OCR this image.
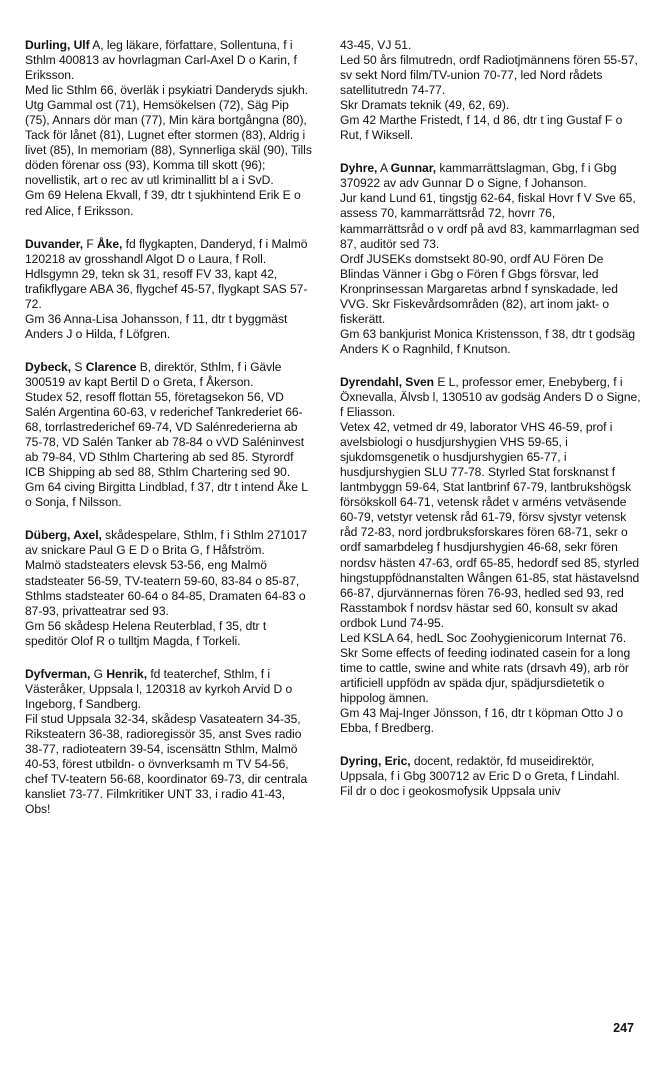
Durling, Ulf A, leg läkare, författare, Sollentuna, f i Sthlm 400813 av hovrlagman Carl-Axel D o Karin, f Eriksson.

Med lic Sthlm 66, överläk i psykiatri Danderyds sjukh.

Utg Gammal ost (71), Hemsökelsen (72), Säg Pip (75), Annars dör man (77), Min kära bortgångna (80), Tack för lånet (81), Lugnet efter stormen (83), Aldrig i livet (85), In memoriam (88), Synnerliga skäl (90), Tills döden förenar oss (93), Komma till skott (96); novellistik, art o rec av utl kriminallitt bl a i SvD.

Gm 69 Helena Ekvall, f 39, dtr t sjukhintend Erik E o red Alice, f Eriksson.

Duvander, F Åke, fd flygkapten, Danderyd, f i Malmö 120218 av grosshandl Algot D o Laura, f Roll.

Hdlsgymn 29, tekn sk 31, resoff FV 33, kapt 42, trafikflygare ABA 36, flygchef 45-57, flygkapt SAS 57-72.

Gm 36 Anna-Lisa Johansson, f 11, dtr t byggmäst Anders J o Hilda, f Löfgren.

Dybeck, S Clarence B, direktör, Sthlm, f i Gävle 300519 av kapt Bertil D o Greta, f Åkerson.

Studex 52, resoff flottan 55, företagsekon 56, VD Salén Argentina 60-63, v rederichef Tankrederiet 66-68, torrlastrederichef 69-74, VD Salénrederierna ab 75-78, VD Salén Tanker ab 78-84 o vVD Saléninvest ab 79-84, VD Sthlm Chartering ab sed 85. Styrordf ICB Shipping ab sed 88, Sthlm Chartering sed 90.

Gm 64 civing Birgitta Lindblad, f 37, dtr t intend Åke L o Sonja, f Nilsson.

Düberg, Axel, skådespelare, Sthlm, f i Sthlm 271017 av snickare Paul G E D o Brita G, f Håfström.

Malmö stadsteaters elevsk 53-56, eng Malmö stadsteater 56-59, TV-teatern 59-60, 83-84 o 85-87, Sthlms stadsteater 60-64 o 84-85, Dramaten 64-83 o 87-93, privatteatrar sed 93.

Gm 56 skådesp Helena Reuterblad, f 35, dtr t speditör Olof R o tulltjm Magda, f Torkeli.

Dyfverman, G Henrik, fd teaterchef, Sthlm, f i Västeråker, Uppsala l, 120318 av kyrkoh Arvid D o Ingeborg, f Sandberg.

Fil stud Uppsala 32-34, skådesp Vasateatern 34-35, Riksteatern 36-38, radioregissör 35, anst Sves radio 38-77, radioteatern 39-54, iscensättn Sthlm, Malmö 40-53, förest utbildn- o övnverksamh m TV 54-56, chef TV-teatern 56-68, koordinator 69-73, dir centrala kansliet 73-77. Filmkritiker UNT 33, i radio 41-43, Obs!

43-45, VJ 51.

Led 50 års filmutredn, ordf Radiotjmännens fören 55-57, sv sekt Nord film/TV-union 70-77, led Nord rådets satellitutredn 74-77.

Skr Dramats teknik (49, 62, 69).

Gm 42 Marthe Fristedt, f 14, d 86, dtr t ing Gustaf F o Rut, f Wiksell.

Dyhre, A Gunnar, kammarrättslagman, Gbg, f i Gbg 370922 av adv Gunnar D o Signe, f Johanson.

Jur kand Lund 61, tingstjg 62-64, fiskal Hovr f V Sve 65, assess 70, kammarrättsråd 72, hovrr 76, kammarrättsråd o v ordf på avd 83, kammarrlagman sed 87, auditör sed 73.

Ordf JUSEKs domstsekt 80-90, ordf AU Fören De Blindas Vänner i Gbg o Fören f Gbgs försvar, led Kronprinsessan Margaretas arbnd f synskadade, led VVG. Skr Fiskevårdsområden (82), art inom jakt- o fiskerätt.

Gm 63 bankjurist Monica Kristensson, f 38, dtr t godsäg Anders K o Ragnhild, f Knutson.

Dyrendahl, Sven E L, professor emer, Enebyberg, f i Öxnevalla, Älvsb l, 130510 av godsäg Anders D o Signe, f Eliasson.

Vetex 42, vetmed dr 49, laborator VHS 46-59, prof i avelsbiologi o husdjurshygien VHS 59-65, i sjukdomsgenetik o husdjurshygien 65-77, i husdjurshygien SLU 77-78. Styrled Stat forsknanst f lantmbyggn 59-64, Stat lantbrinf 67-79, lantbrukshögsk försökskoll 64-71, vetensk rådet v arméns vetväsende 60-79, vetstyr vetensk råd 61-79, försv sjvstyr vetensk råd 72-83, nord jordbruksforskares fören 68-71, sekr o ordf samarbdeleg f husdjurshygien 46-68, sekr fören nordsv hästen 47-63, ordf 65-85, hedordf sed 85, styrled hingstuppfödnanstalten Wången 61-85, stat hästavelsnd 66-87, djurvännernas fören 76-93, hedled sed 93, red Rasstambok f nordsv hästar sed 60, konsult sv akad ordbok Lund 74-95.

Led KSLA 64, hedL Soc Zoohygienicorum Internat 76.

Skr Some effects of feeding iodinated casein for a long time to cattle, swine and white rats (drsavh 49), arb rör artificiell uppfödn av späda djur, spädjursdietetik o hippolog ämnen.

Gm 43 Maj-Inger Jönsson, f 16, dtr t köpman Otto J o Ebba, f Bredberg.

Dyring, Eric, docent, redaktör, fd museidirektör, Uppsala, f i Gbg 300712 av Eric D o Greta, f Lindahl.

Fil dr o doc i geokosmofysik Uppsala univ

247
